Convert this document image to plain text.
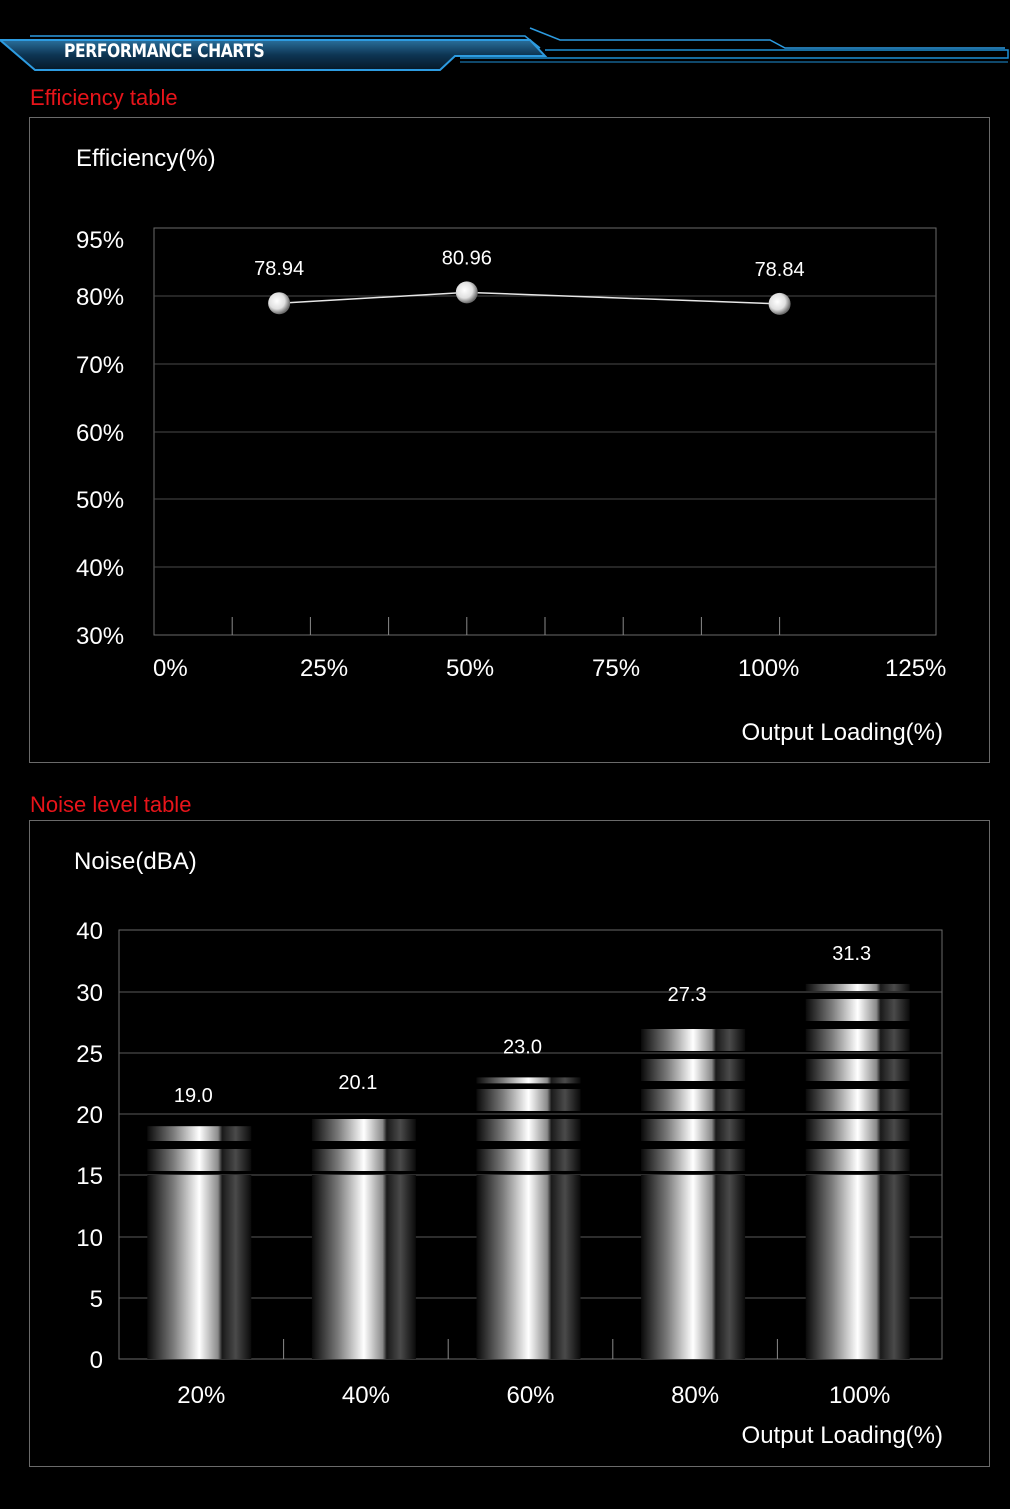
PERFORMANCE CHARTS
Efficiency table
Efficiency(%)
95%
80%
70%
60%
50%
40%
30%
0%	25%	50%	75%	100%	125%
Output Loading(%)
78.94	80.96
78.84
Noise level table
Noise(dBA)
40
30
25
20
15
10
5
0
19.0
20%
20.1
40%
23.0
60%
27.3
80%
31.3
100%
Output Loading(%)
